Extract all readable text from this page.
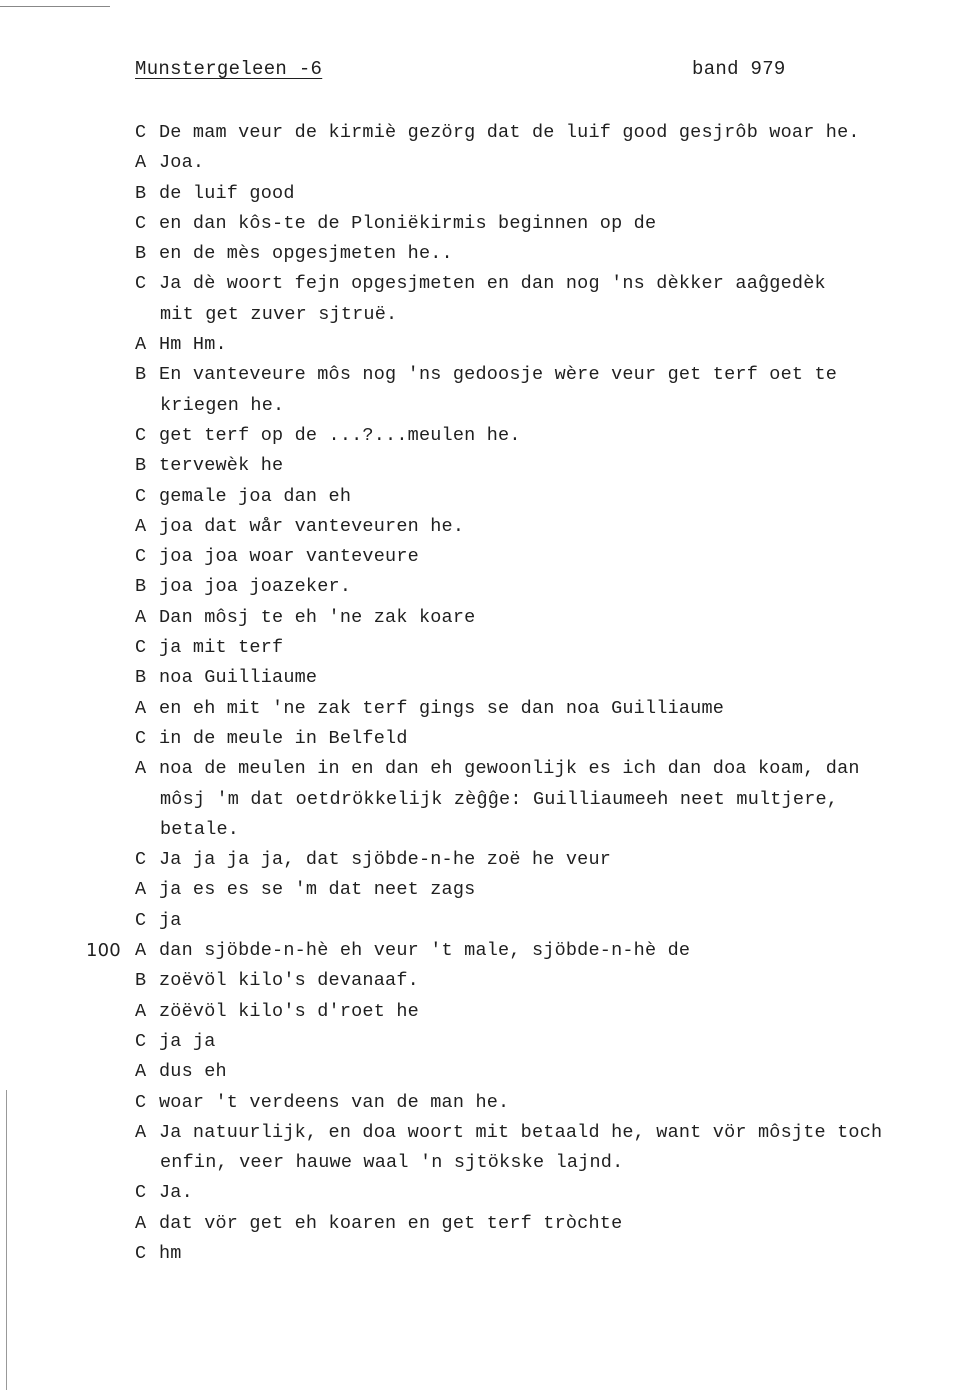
Munstergeleen -6	band 979
C De mam veur de kirmiè gezörg dat de luif good gesjrôb woar he.
A Joa.
B de luif good
C en dan kôs-te de Ploniëkirmis beginnen op de
B en de mès opgesjmeten he..
C Ja dè woort fejn opgesjmeten en dan nog 'ns dèkker aaĝgedèk
mit get zuver sjtruë.
A Hm Hm.
B En vanteveure môs nog 'ns gedoosje wère veur get terf oet te
kriegen he.
C get terf op de ...?...meulen he.
B tervewèk he
C gemale joa dan eh
A joa dat wår vanteveuren he.
C joa joa woar vanteveure
B joa joa joazeker.
A Dan môsj te eh 'ne zak koare
C ja mit terf
B noa Guilliaume
A en eh mit 'ne zak terf gings se dan noa Guilliaume
C in de meule in Belfeld
A noa de meulen in en dan eh gewoonlijk es ich dan doa koam, dan
môsj 'm dat oetdrökkelijk zèĝĝe: Guilliaumeeh neet multjere,
betale.
C Ja ja ja ja, dat sjöbde-n-he zoë he veur
A ja es es se 'm dat neet zags
C ja
100 A dan sjöbde-n-hè eh veur 't male, sjöbde-n-hè de
B zoëvöl kilo's devanaaf.
A zöëvöl kilo's d'roet he
C ja ja
A dus eh
C woar 't verdeens van de man he.
A Ja natuurlijk, en doa woort mit betaald he, want vör môsjte toch
enfin, veer hauwe waal 'n sjtökske lajnd.
C Ja.
A dat vör get eh koaren en get terf tròchte
C hm
